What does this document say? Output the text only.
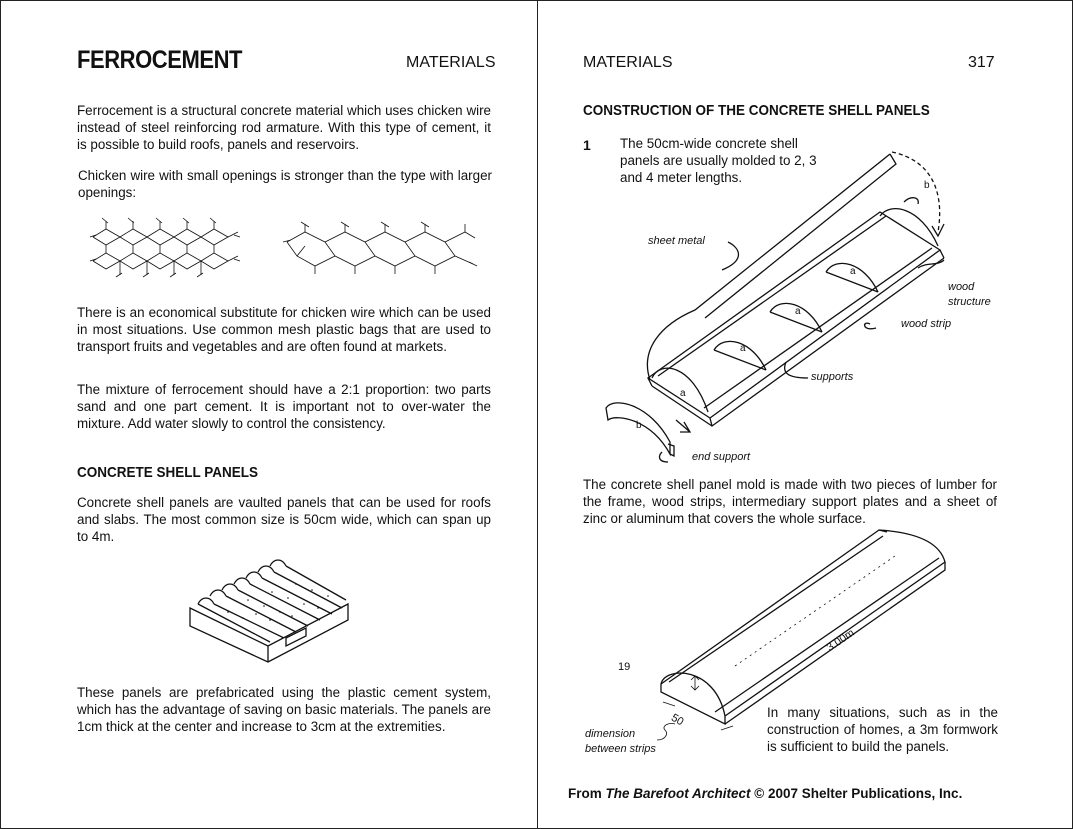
FERROCEMENT	MATERIALS
Ferrocement is a structural concrete material which uses chicken wire instead of steel reinforcing rod armature. With this type of cement, it is possible to build roofs, panels and reservoirs.
Chicken wire with small openings is stronger than the type with larger openings:
There is an economical substitute for chicken wire which can be used in most situations. Use common mesh plastic bags that are used to transport fruits and vegetables and are often found at markets.
The mixture of ferrocement should have a 2:1 proportion: two parts sand and one part cement. It is important not to over-water the mixture. Add water slowly to control the consistency.
CONCRETE SHELL PANELS
Concrete shell panels are vaulted panels that can be used for roofs and slabs. The most common size is 50cm wide, which can span up to 4m.
These panels are prefabricated using the plastic cement system, which has the advantage of saving on basic materials. The panels are 1cm thick at the center and increase to 3cm at the extremities.
MATERIALS	317
CONSTRUCTION OF THE CONCRETE SHELL PANELS
1 The 50cm-wide concrete shell panels are usually molded to 2, 3 and 4 meter lengths.
a
a
a
a
b
b
sheet metal
wood
structure
wood strip
supports
end support
The concrete shell panel mold is made with two pieces of lumber for the frame, wood strips, intermediary support plates and a sheet of zinc or aluminum that covers the whole surface.
3.00m
50
19
dimension
between strips
In many situations, such as in the construction of homes, a 3m formwork is sufficient to build the panels.
From The Barefoot Architect © 2007 Shelter Publications, Inc.
